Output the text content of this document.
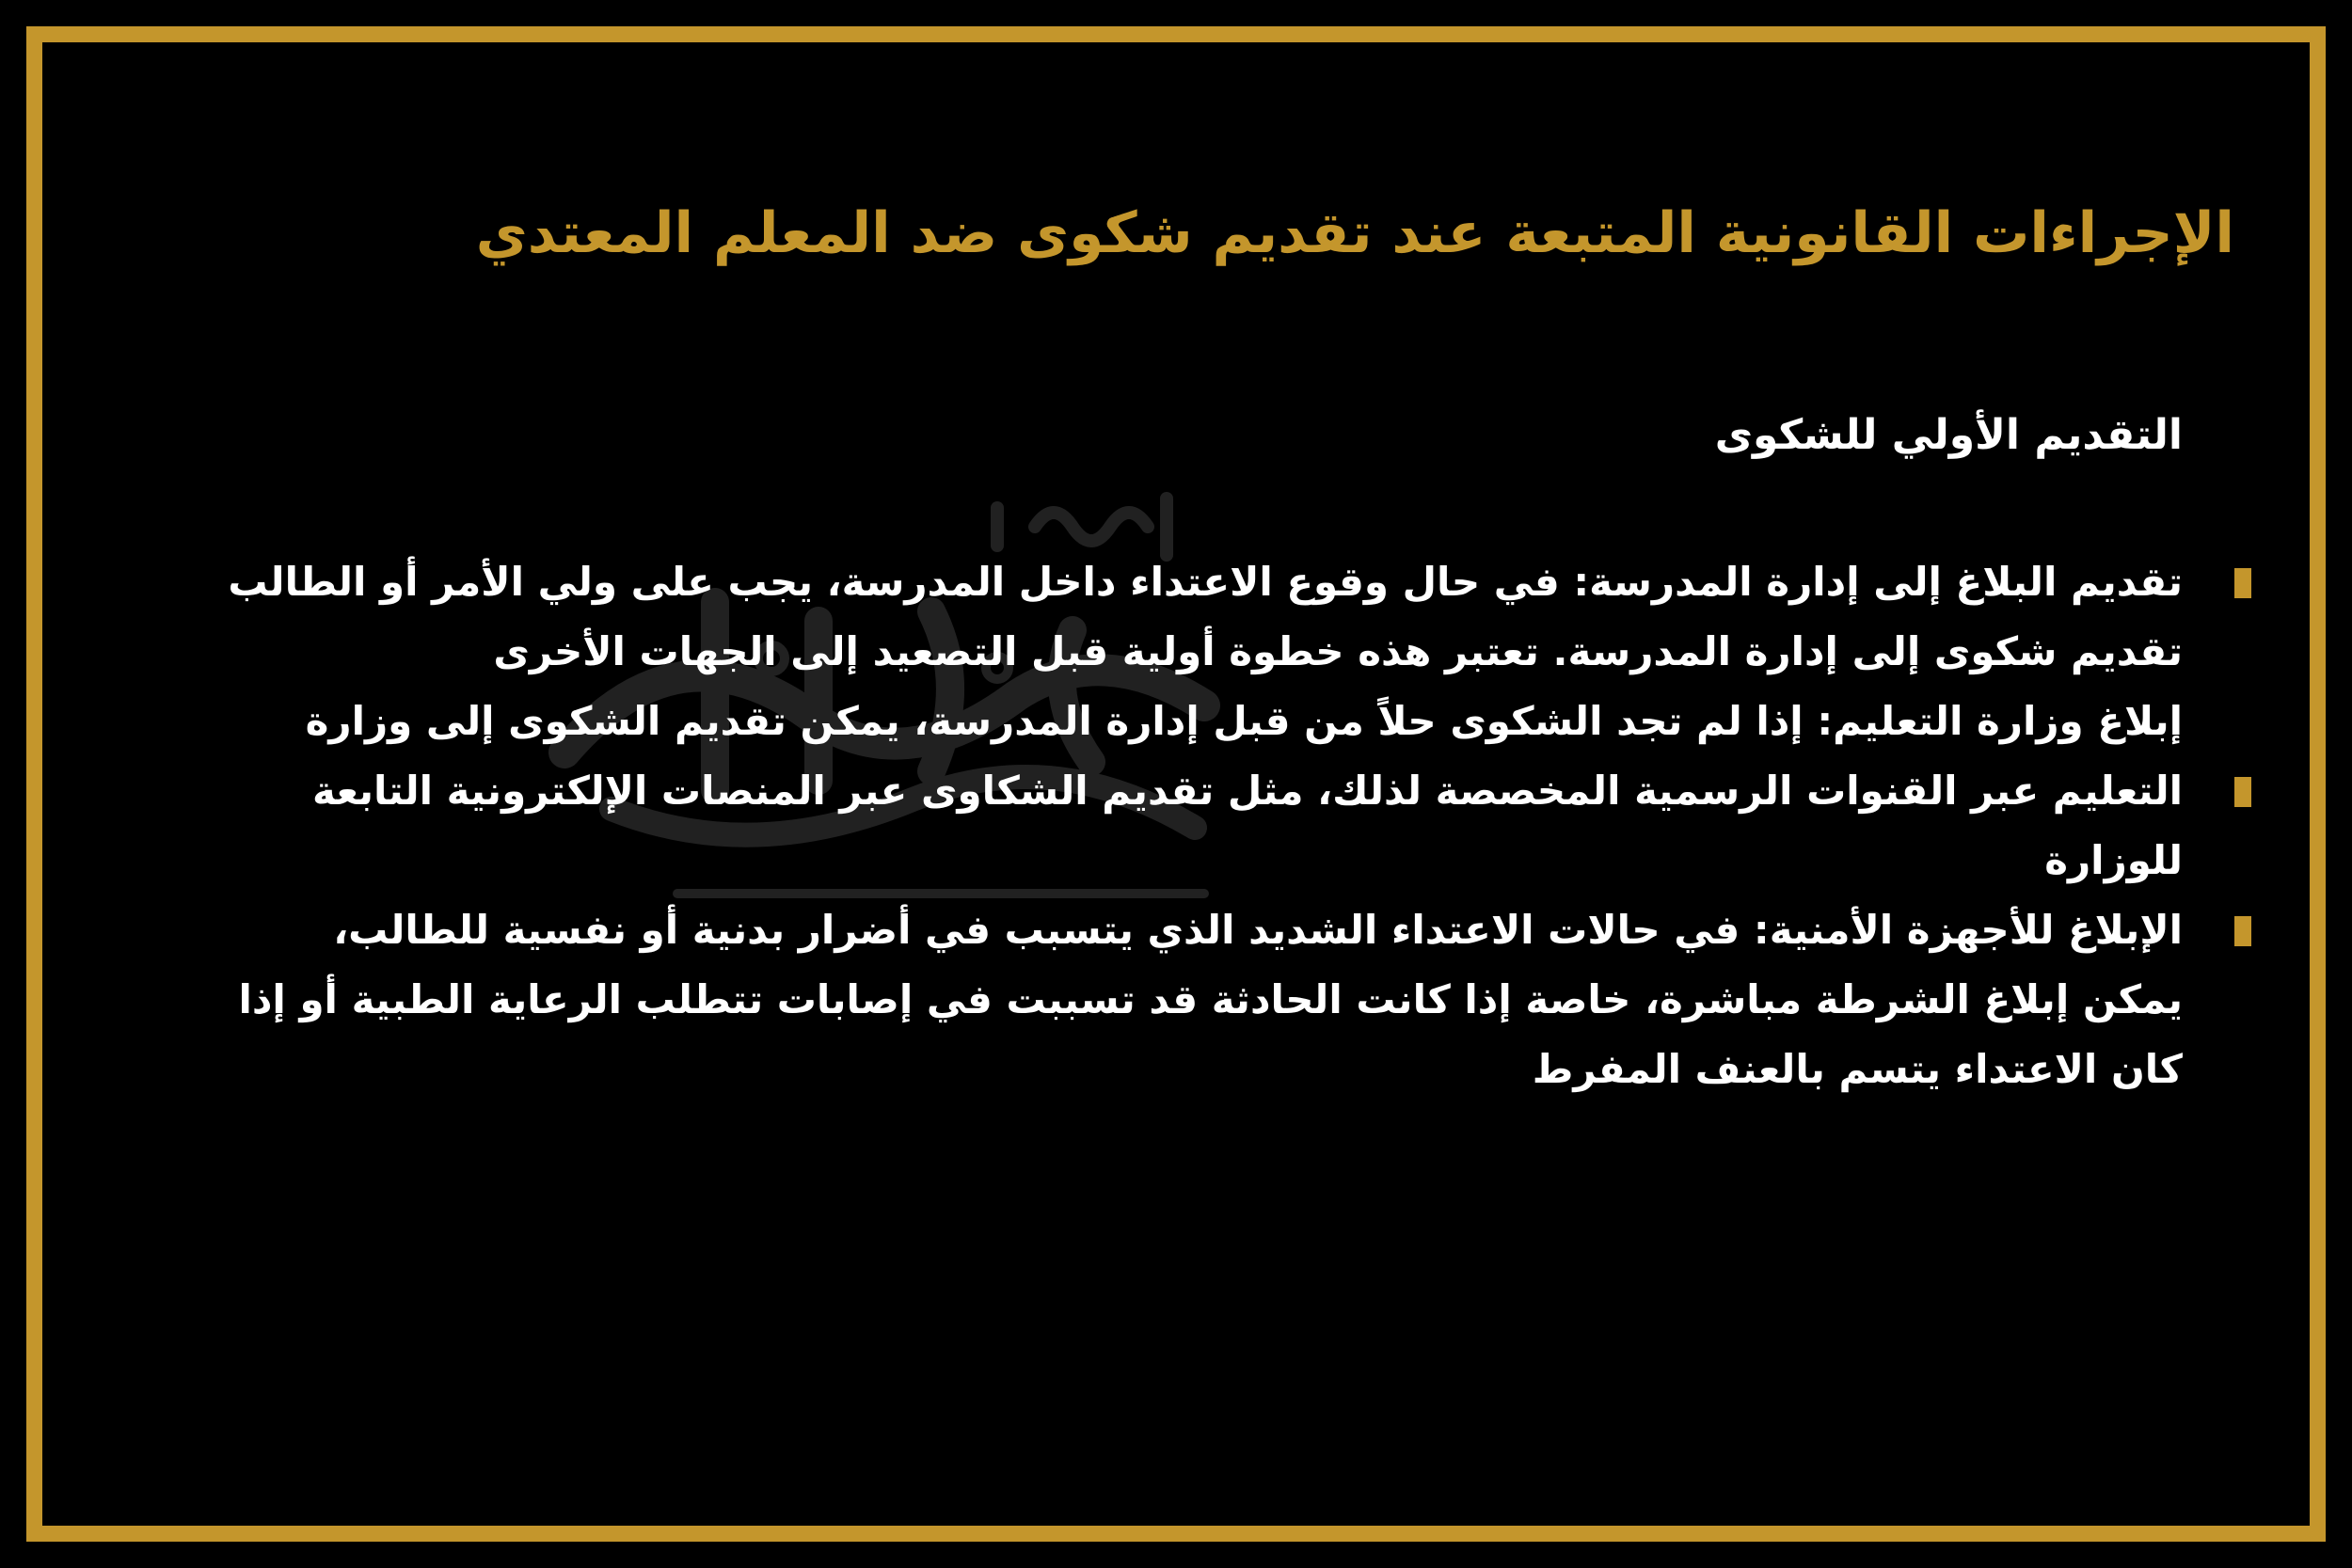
الإجراءات القانونية المتبعة عند تقديم شكوى ضد المعلم المعتدي
التقديم الأولي للشكوى
تقديم البلاغ إلى إدارة المدرسة: في حال وقوع الاعتداء داخل المدرسة، يجب على ولي الأمر أو الطالب
تقديم شكوى إلى إدارة المدرسة. تعتبر هذه خطوة أولية قبل التصعيد إلى الجهات الأخرى
إبلاغ وزارة التعليم: إذا لم تجد الشكوى حلاً من قبل إدارة المدرسة، يمكن تقديم الشكوى إلى وزارة
التعليم عبر القنوات الرسمية المخصصة لذلك، مثل تقديم الشكاوى عبر المنصات الإلكترونية التابعة
للوزارة
الإبلاغ للأجهزة الأمنية: في حالات الاعتداء الشديد الذي يتسبب في أضرار بدنية أو نفسية للطالب،
يمكن إبلاغ الشرطة مباشرة، خاصة إذا كانت الحادثة قد تسببت في إصابات تتطلب الرعاية الطبية أو إذا
كان الاعتداء يتسم بالعنف المفرط
